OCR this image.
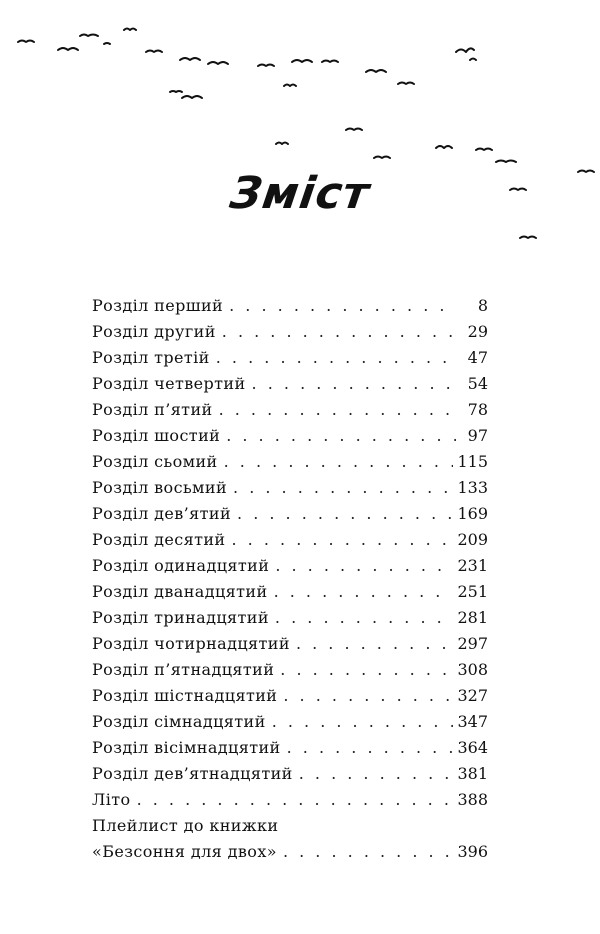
Зміст
Розділ перший . . .	8
Розділ другий . . .	29
Розділ третій . . .	47
Розділ четвертий . . .	54
Розділ п’ятий . . .	78
Розділ шостий . . .	97
Розділ сьомий . . .	115
Розділ восьмий . . .	133
Розділ дев’ятий . . .	169
Розділ десятий . . .	209
Розділ одинадцятий . . .	231
Розділ дванадцятий . . .	251
Розділ тринадцятий . . .	281
Розділ чотирнадцятий . . .	297
Розділ п’ятнадцятий . . .	308
Розділ шістнадцятий . . .	327
Розділ сімнадцятий . . .	347
Розділ вісімнадцятий . . .	364
Розділ дев’ятнадцятий . . .	381
Літо . . .	388
Плейлист до книжки
«Безсоння для двох» . . .	396
